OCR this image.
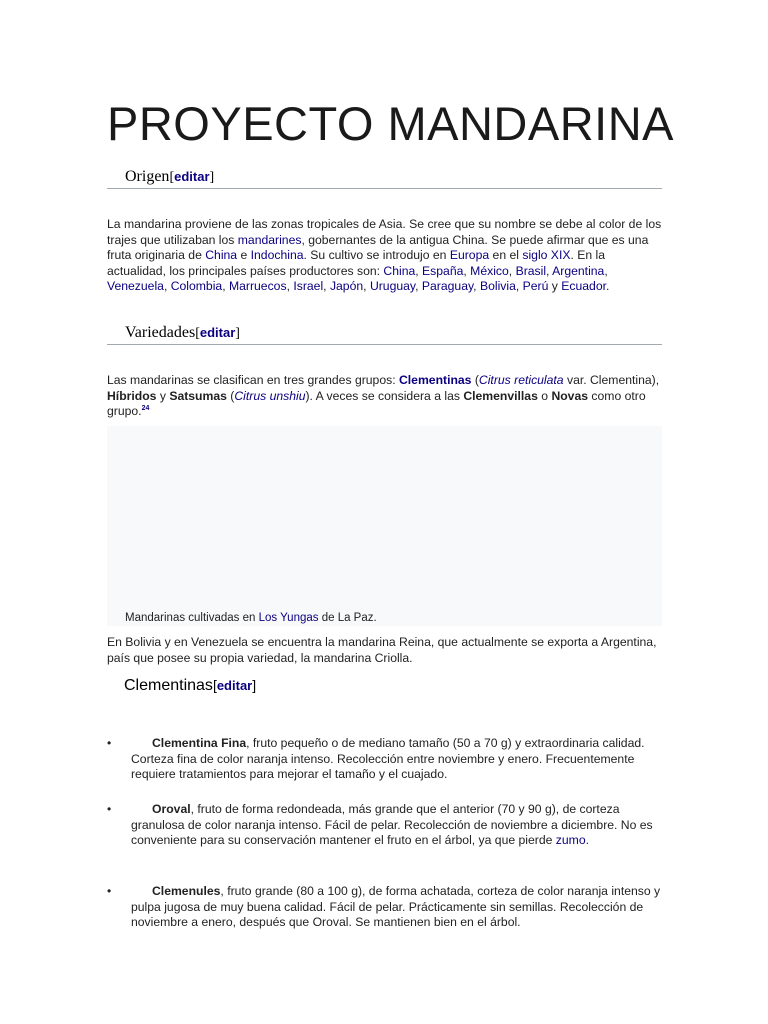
PROYECTO MANDARINA
Origen[editar]

La mandarina proviene de las zonas tropicales de Asia. Se cree que su nombre se debe al color de los trajes que utilizaban los mandarines, gobernantes de la antigua China. Se puede afirmar que es una fruta originaria de China e Indochina. Su cultivo se introdujo en Europa en el siglo XIX. En la actualidad, los principales países productores son: China, España, México, Brasil, Argentina, Venezuela, Colombia, Marruecos, Israel, Japón, Uruguay, Paraguay, Bolivia, Perú y Ecuador.

Variedades[editar]

Las mandarinas se clasifican en tres grandes grupos: Clementinas (Citrus reticulata var. Clementina), Híbridos y Satsumas (Citrus unshiu). A veces se considera a las Clemenvillas o Novas como otro grupo.$^{24}$

Mandarinas cultivadas en Los Yungas de La Paz.

En Bolivia y en Venezuela se encuentra la mandarina Reina, que actualmente se exporta a Argentina, país que posee su propia variedad, la mandarina Criolla.

Clementinas[editar]
•	Clementina Fina, fruto pequeño o de mediano tamaño (50 a 70 g) y extraordinaria calidad. Corteza fina de color naranja intenso. Recolección entre noviembre y enero. Frecuentemente requiere tratamientos para mejorar el tamaño y el cuajado.
•	Oroval, fruto de forma redondeada, más grande que el anterior (70 y 90 g), de corteza granulosa de color naranja intenso. Fácil de pelar. Recolección de noviembre a diciembre. No es conveniente para su conservación mantener el fruto en el árbol, ya que pierde zumo.
•	Clemenules, fruto grande (80 a 100 g), de forma achatada, corteza de color naranja intenso y pulpa jugosa de muy buena calidad. Fácil de pelar. Prácticamente sin semillas. Recolección de noviembre a enero, después que Oroval. Se mantienen bien en el árbol.
